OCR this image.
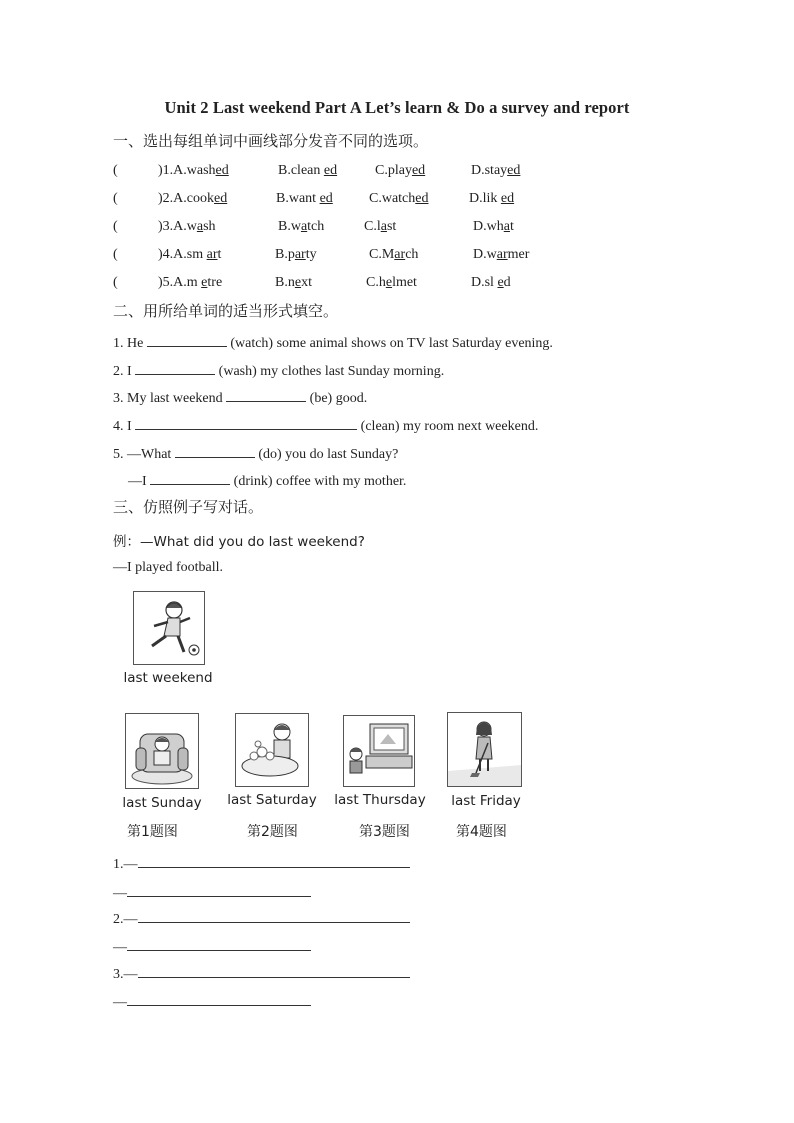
Unit 2 Last weekend Part A Let’s learn & Do a survey and report
一、选出每组单词中画线部分发音不同的选项。
(	)1.A.washed	B.clean ed	C.played	D.stayed
(	)2.A.cooked	B.want ed	C.watched	D.lik ed
(	)3.A.wash	B.watch	C.last	D.what
(	)4.A.sm art	B.party	C.March	D.warmer
(	)5.A.m etre	B.next	C.helmet	D.sl ed
二、用所给单词的适当形式填空。
1. He	(watch) some animal shows on TV last Saturday evening.
2. I	(wash) my clothes last Sunday morning.
3. My last weekend	(be) good.
4. I	(clean) my room next weekend.
5. —What	(do) you do last Sunday?
—I	(drink) coffee with my mother.
三、仿照例子写对话。
例：—What did you do last weekend?
—I played football.
last weekend
last Sunday	last Saturday	last Thursday	last Friday
第1题图	第2题图	第3题图	第4题图
1.—
—
2.—
—
3.—
—
